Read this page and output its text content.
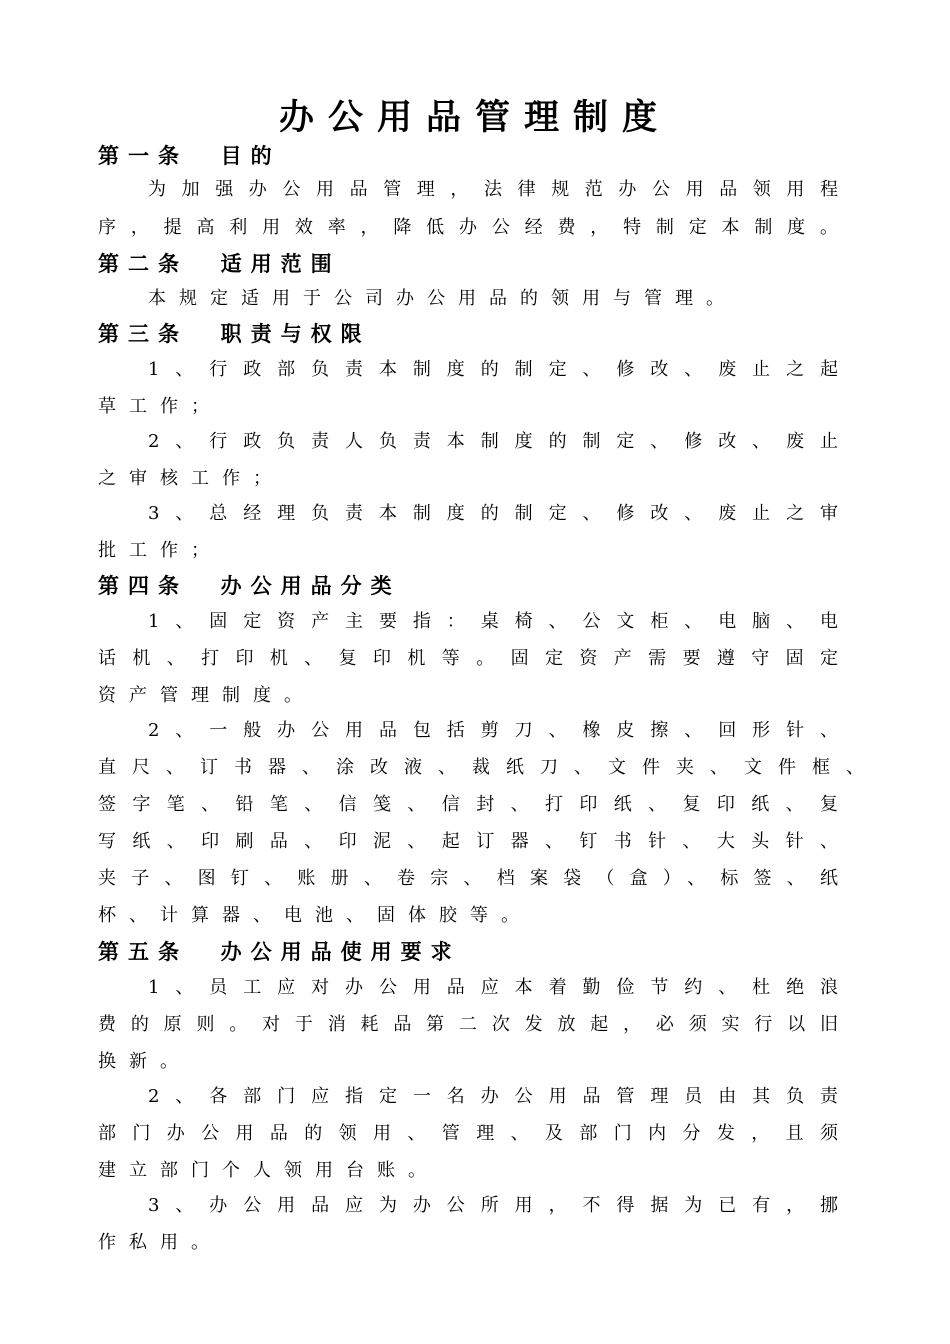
办公用品管理制度
第一条  目的
为加强办公用品管理，法律规范办公用品领用程
序，提高利用效率，降低办公经费，特制定本制度。
第二条  适用范围
本规定适用于公司办公用品的领用与管理。
第三条  职责与权限
1、行政部负责本制度的制定、修改、废止之起
草工作；
2、行政负责人负责本制度的制定、修改、废止
之审核工作；
3、总经理负责本制度的制定、修改、废止之审
批工作；
第四条  办公用品分类
1、固定资产主要指：桌椅、公文柜、电脑、电
话机、打印机、复印机等。固定资产需要遵守固定
资产管理制度。
2、一般办公用品包括剪刀、橡皮擦、回形针、
直尺、订书器、涂改液、裁纸刀、文件夹、文件框、
签字笔、铅笔、信笺、信封、打印纸、复印纸、复
写纸、印刷品、印泥、起订器、钉书针、大头针、
夹子、图钉、账册、卷宗、档案袋（盒）、标签、纸
杯、计算器、电池、固体胶等。
第五条  办公用品使用要求
1、员工应对办公用品应本着勤俭节约、杜绝浪
费的原则。对于消耗品第二次发放起，必须实行以旧
换新。
2、各部门应指定一名办公用品管理员由其负责
部门办公用品的领用、管理、及部门内分发，且须
建立部门个人领用台账。
3、办公用品应为办公所用，不得据为已有，挪
作私用。
